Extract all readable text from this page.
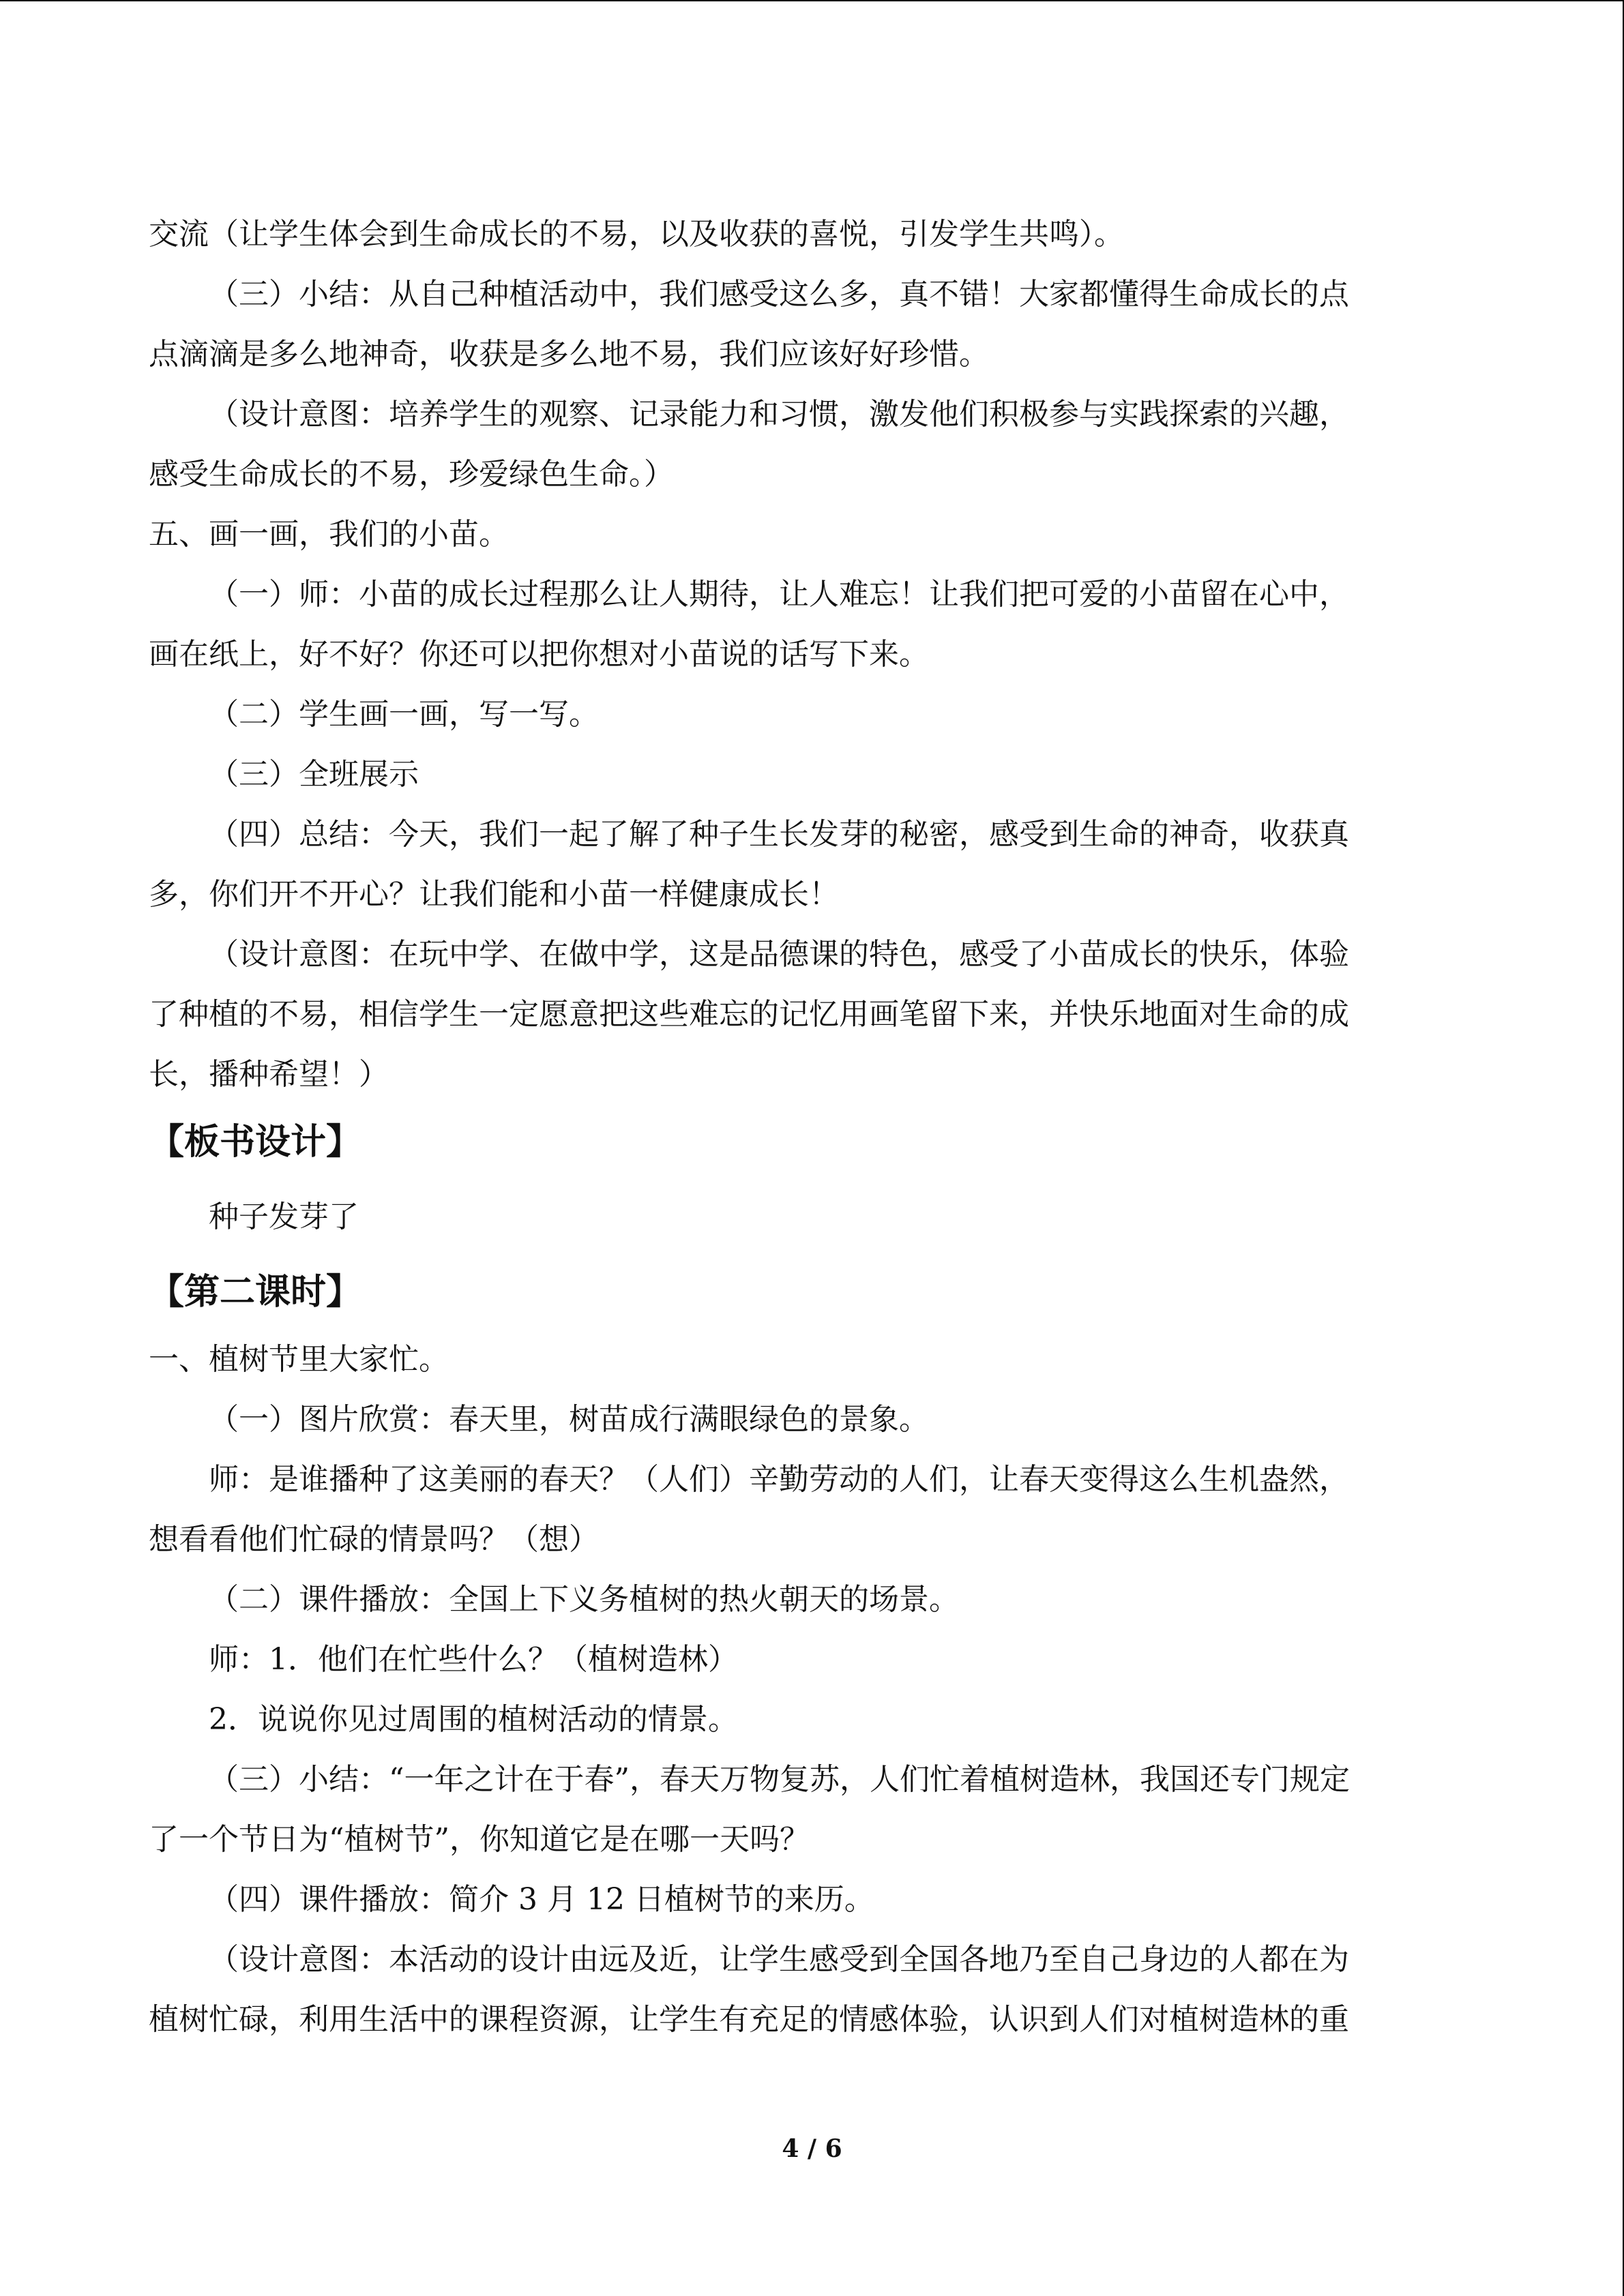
交流（让学生体会到生命成长的不易，以及收获的喜悦，引发学生共鸣）。

（三）小结：从自己种植活动中，我们感受这么多，真不错！大家都懂得生命成长的点

点滴滴是多么地神奇，收获是多么地不易，我们应该好好珍惜。

（设计意图：培养学生的观察、记录能力和习惯，激发他们积极参与实践探索的兴趣，

感受生命成长的不易，珍爱绿色生命。）

五、画一画，我们的小苗。

（一）师：小苗的成长过程那么让人期待，让人难忘！让我们把可爱的小苗留在心中，

画在纸上，好不好？你还可以把你想对小苗说的话写下来。

（二）学生画一画，写一写。

（三）全班展示

（四）总结：今天，我们一起了解了种子生长发芽的秘密，感受到生命的神奇，收获真

多，你们开不开心？让我们能和小苗一样健康成长！

（设计意图：在玩中学、在做中学，这是品德课的特色，感受了小苗成长的快乐，体验

了种植的不易，相信学生一定愿意把这些难忘的记忆用画笔留下来，并快乐地面对生命的成

长，播种希望！）

【板书设计】

种子发芽了

【第二课时】

一、植树节里大家忙。

（一）图片欣赏：春天里，树苗成行满眼绿色的景象。

师：是谁播种了这美丽的春天？（人们）辛勤劳动的人们，让春天变得这么生机盎然，

想看看他们忙碌的情景吗？（想）

（二）课件播放：全国上下义务植树的热火朝天的场景。

师：1．他们在忙些什么？（植树造林）

2．说说你见过周围的植树活动的情景。

（三）小结：“一年之计在于春”，春天万物复苏，人们忙着植树造林，我国还专门规定

了一个节日为“植树节”，你知道它是在哪一天吗？

（四）课件播放：简介 3 月 12 日植树节的来历。

（设计意图：本活动的设计由远及近，让学生感受到全国各地乃至自己身边的人都在为

植树忙碌，利用生活中的课程资源，让学生有充足的情感体验，认识到人们对植树造林的重

4 / 6
